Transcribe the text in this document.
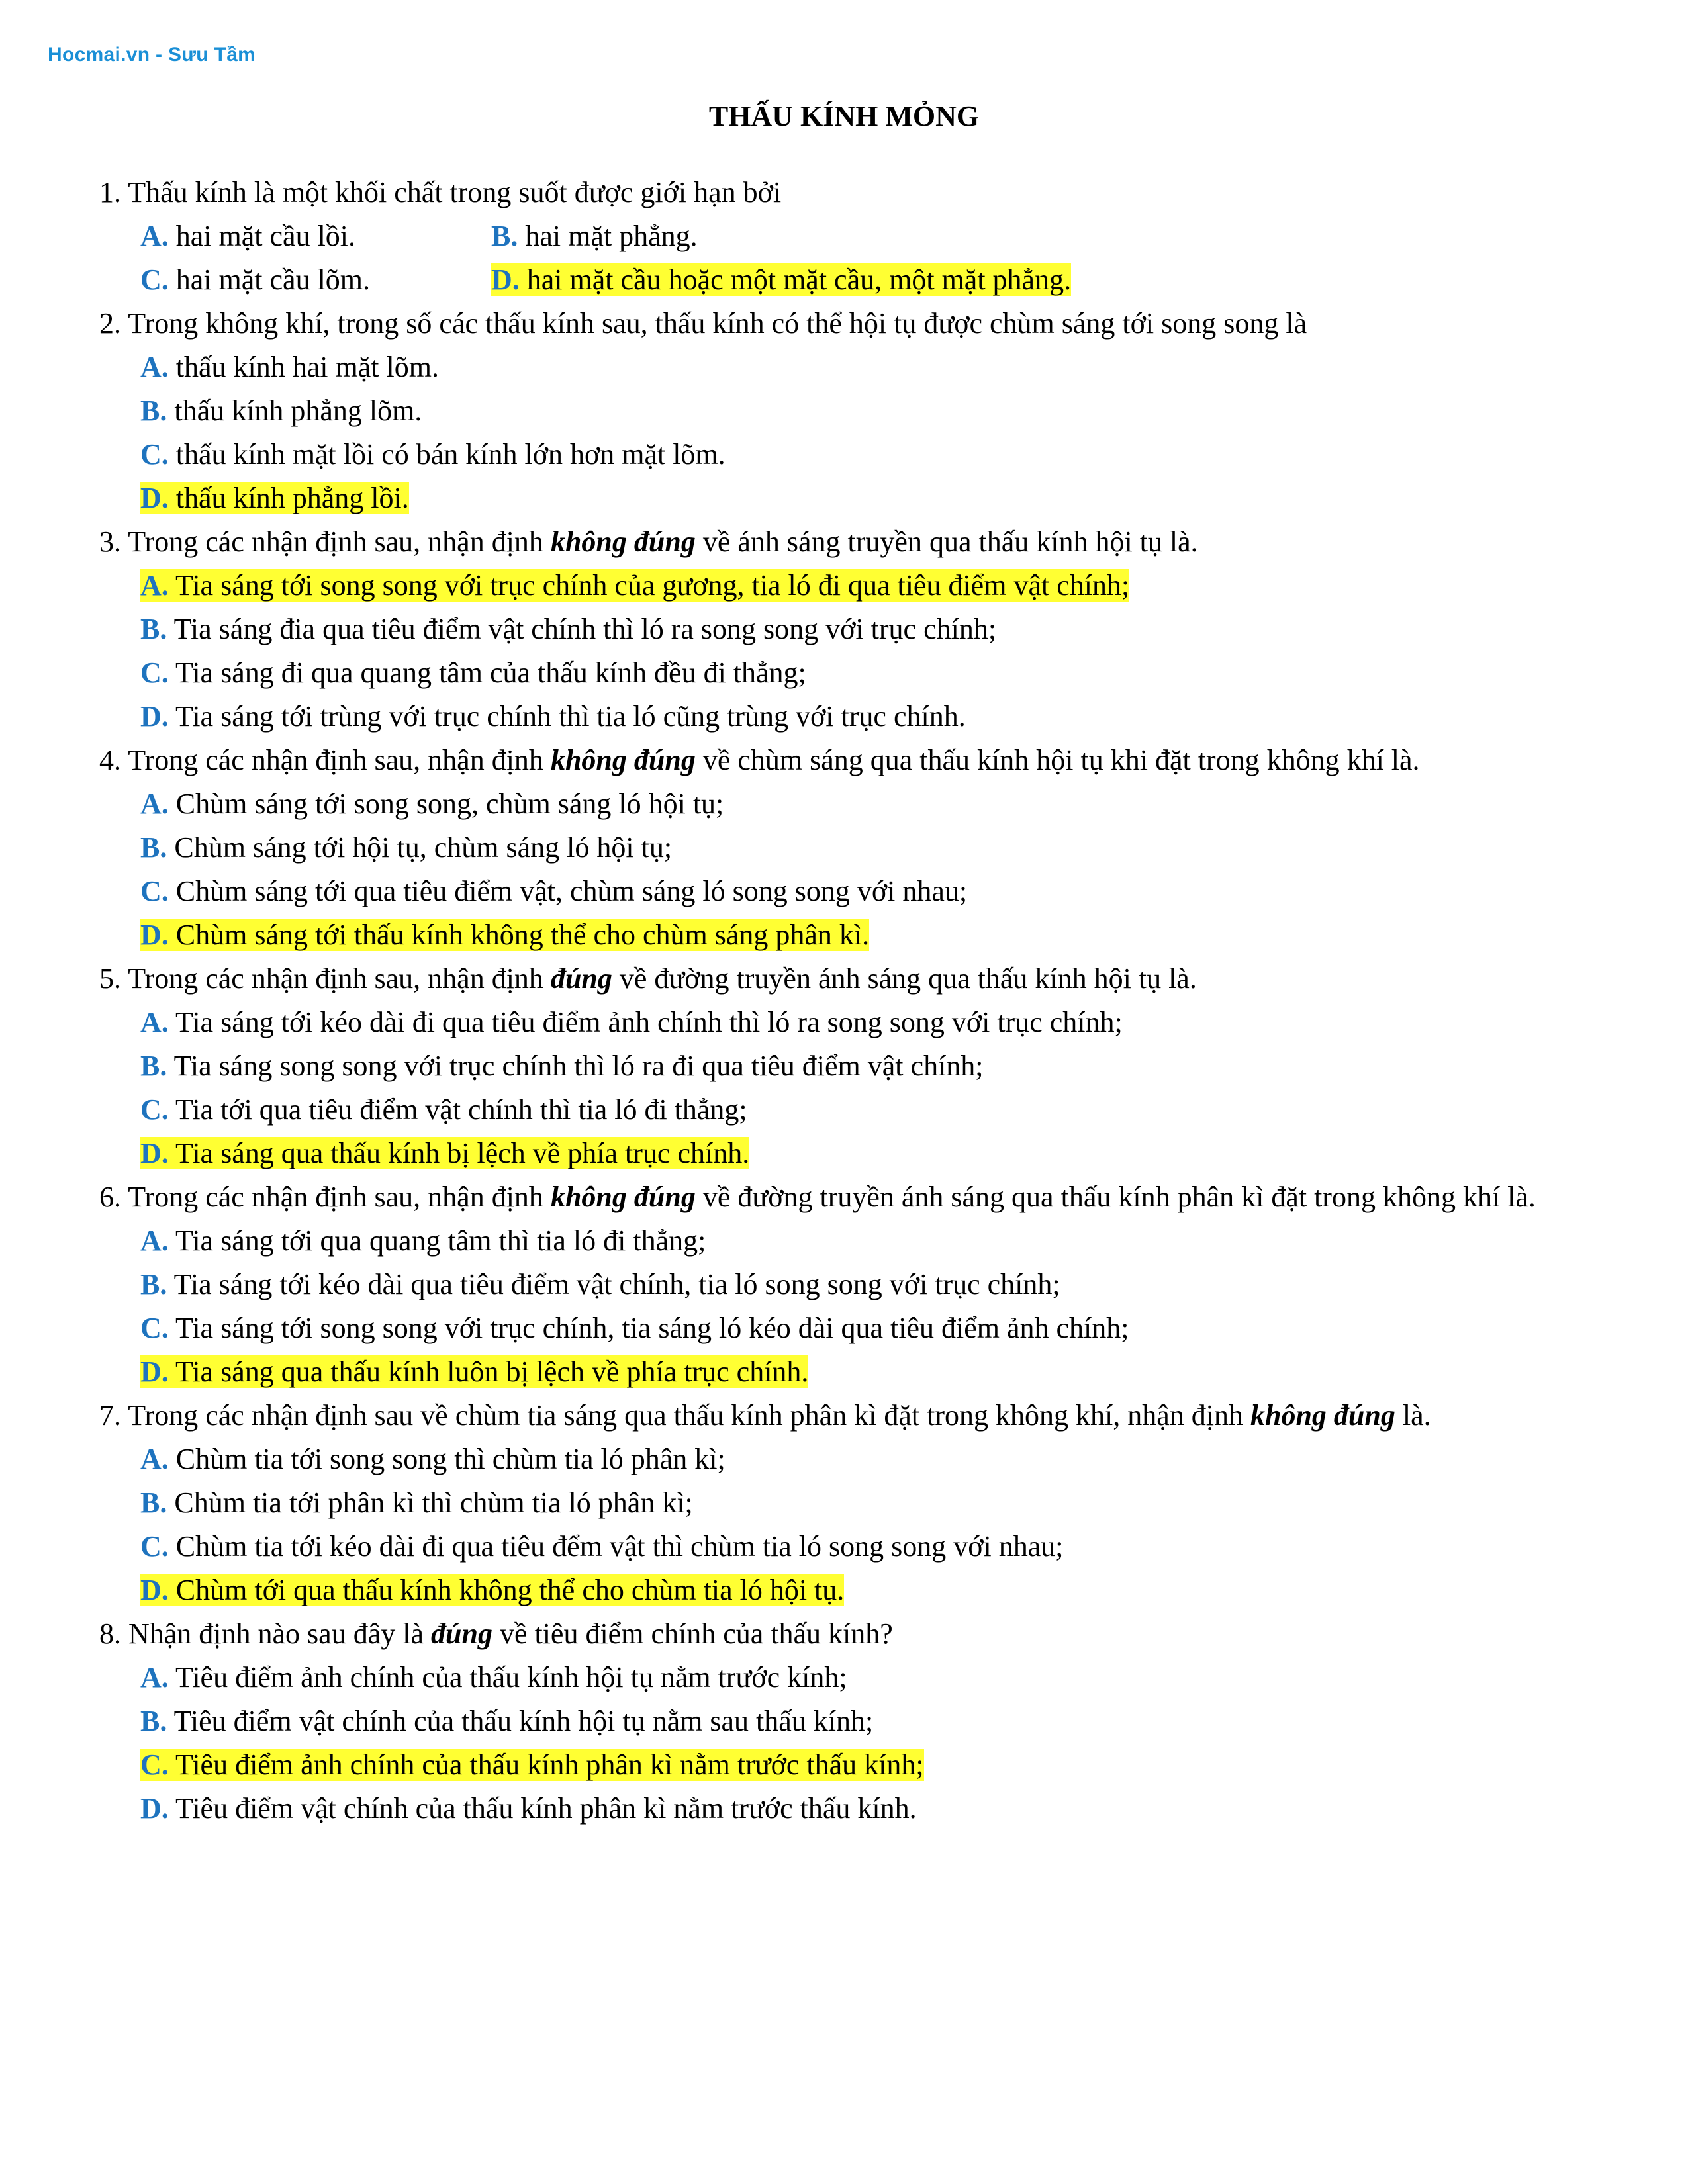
Hocmai.vn - Sưu Tầm
THẤU KÍNH MỎNG
1. Thấu kính là một khối chất trong suốt được giới hạn bởi
A. hai mặt cầu lồi.	B. hai mặt phẳng.
C. hai mặt cầu lõm.	D. hai mặt cầu hoặc một mặt cầu, một mặt phẳng.
2. Trong không khí, trong số các thấu kính sau, thấu kính có thể hội tụ được chùm sáng tới song song là
A. thấu kính hai mặt lõm.
B. thấu kính phẳng lõm.
C. thấu kính mặt lồi có bán kính lớn hơn mặt lõm.
D. thấu kính phẳng lồi.
3. Trong các nhận định sau, nhận định không đúng về ánh sáng truyền qua thấu kính hội tụ là.
A. Tia sáng tới song song với trục chính của gương, tia ló đi qua tiêu điểm vật chính;
B. Tia sáng đia qua tiêu điểm vật chính thì ló ra song song với trục chính;
C. Tia sáng đi qua quang tâm của thấu kính đều đi thẳng;
D. Tia sáng tới trùng với trục chính thì tia ló cũng trùng với trục chính.
4. Trong các nhận định sau, nhận định không đúng về chùm sáng qua thấu kính hội tụ khi đặt trong không khí là.
A. Chùm sáng tới song song, chùm sáng ló hội tụ;
B. Chùm sáng tới hội tụ, chùm sáng ló hội tụ;
C. Chùm sáng tới qua tiêu điểm vật, chùm sáng ló song song với nhau;
D. Chùm sáng tới thấu kính không thể cho chùm sáng phân kì.
5. Trong các nhận định sau, nhận định đúng về đường truyền ánh sáng qua thấu kính hội tụ là.
A. Tia sáng tới kéo dài đi qua tiêu điểm ảnh chính thì ló ra song song với trục chính;
B. Tia sáng song song với trục chính thì ló ra đi qua tiêu điểm vật chính;
C. Tia tới qua tiêu điểm vật chính thì tia ló đi thẳng;
D. Tia sáng qua thấu kính bị lệch về phía trục chính.
6. Trong các nhận định sau, nhận định không đúng về đường truyền ánh sáng qua thấu kính phân kì đặt trong không khí là.
A. Tia sáng tới qua quang tâm thì tia ló đi thẳng;
B. Tia sáng tới kéo dài qua tiêu điểm vật chính, tia ló song song với trục chính;
C. Tia sáng tới song song với trục chính, tia sáng ló kéo dài qua tiêu điểm ảnh chính;
D. Tia sáng qua thấu kính luôn bị lệch về phía trục chính.
7. Trong các nhận định sau về chùm tia sáng qua thấu kính phân kì đặt trong không khí, nhận định không đúng là.
A. Chùm tia tới song song thì chùm tia ló phân kì;
B. Chùm tia tới phân kì thì chùm tia ló phân kì;
C. Chùm tia tới kéo dài đi qua tiêu đểm vật thì chùm tia ló song song với nhau;
D. Chùm tới qua thấu kính không thể cho chùm tia ló hội tụ.
8. Nhận định nào sau đây là đúng về tiêu điểm chính của thấu kính?
A. Tiêu điểm ảnh chính của thấu kính hội tụ nằm trước kính;
B. Tiêu điểm vật chính của thấu kính hội tụ nằm sau thấu kính;
C. Tiêu điểm ảnh chính của thấu kính phân kì nằm trước thấu kính;
D. Tiêu điểm vật chính của thấu kính phân kì nằm trước thấu kính.
